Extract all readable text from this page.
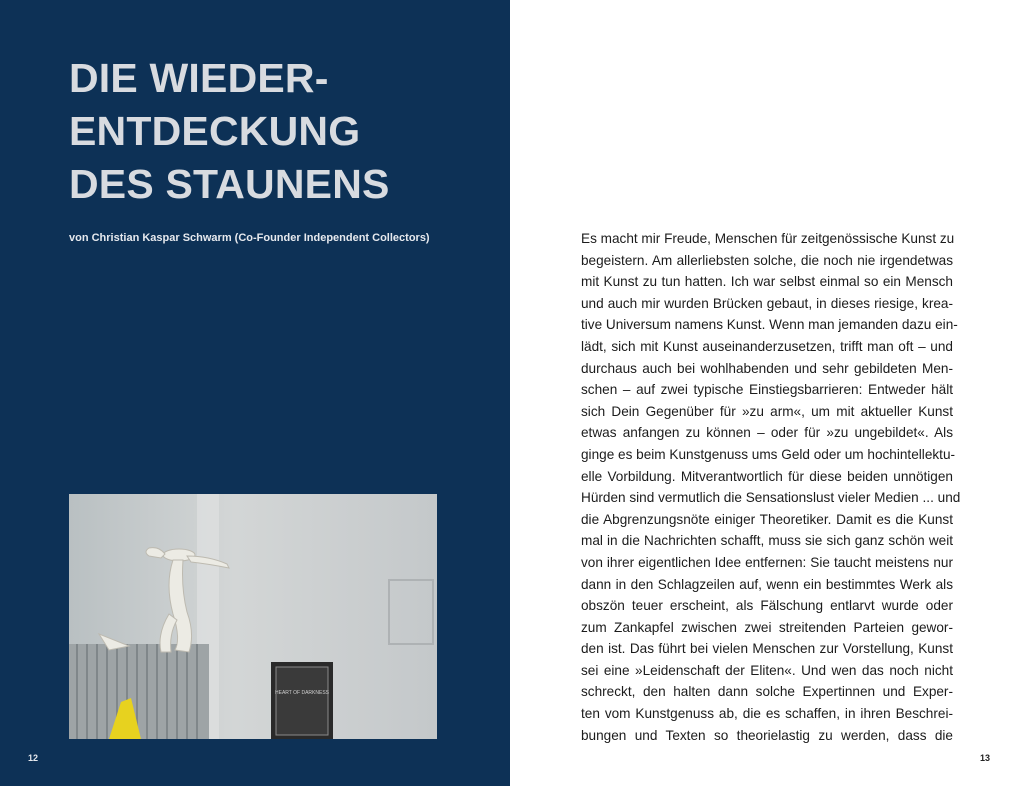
DIE WIEDER-
ENTDECKUNG
DES STAUNENS

von Christian Kaspar Schwarm (Co-Founder Independent Collectors)

HEART OF DARKNESS
12
Es macht mir Freude, Menschen für zeitgenössische Kunst zu
begeistern. Am allerliebsten solche, die noch nie irgendetwas
mit Kunst zu tun hatten. Ich war selbst einmal so ein Mensch
und auch mir wurden Brücken gebaut, in dieses riesige, krea-
tive Universum namens Kunst. Wenn man jemanden dazu ein-
lädt, sich mit Kunst auseinanderzusetzen, trifft man oft – und
durchaus auch bei wohlhabenden und sehr gebildeten Men-
schen – auf zwei typische Einstiegsbarrieren: Entweder hält
sich Dein Gegenüber für »zu arm«, um mit aktueller Kunst
etwas anfangen zu können – oder für »zu ungebildet«. Als
ginge es beim Kunstgenuss ums Geld oder um hochintellektu-
elle Vorbildung. Mitverantwortlich für diese beiden unnötigen
Hürden sind vermutlich die Sensationslust vieler Medien ... und
die Abgrenzungsnöte einiger Theoretiker. Damit es die Kunst
mal in die Nachrichten schafft, muss sie sich ganz schön weit
von ihrer eigentlichen Idee entfernen: Sie taucht meistens nur
dann in den Schlagzeilen auf, wenn ein bestimmtes Werk als
obszön teuer erscheint, als Fälschung entlarvt wurde oder
zum Zankapfel zwischen zwei streitenden Parteien gewor-
den ist. Das führt bei vielen Menschen zur Vorstellung, Kunst
sei eine »Leidenschaft der Eliten«. Und wen das noch nicht
schreckt, den halten dann solche Expertinnen und Exper-
ten vom Kunstgenuss ab, die es schaffen, in ihren Beschrei-
bungen und Texten so theorielastig zu werden, dass die
13
